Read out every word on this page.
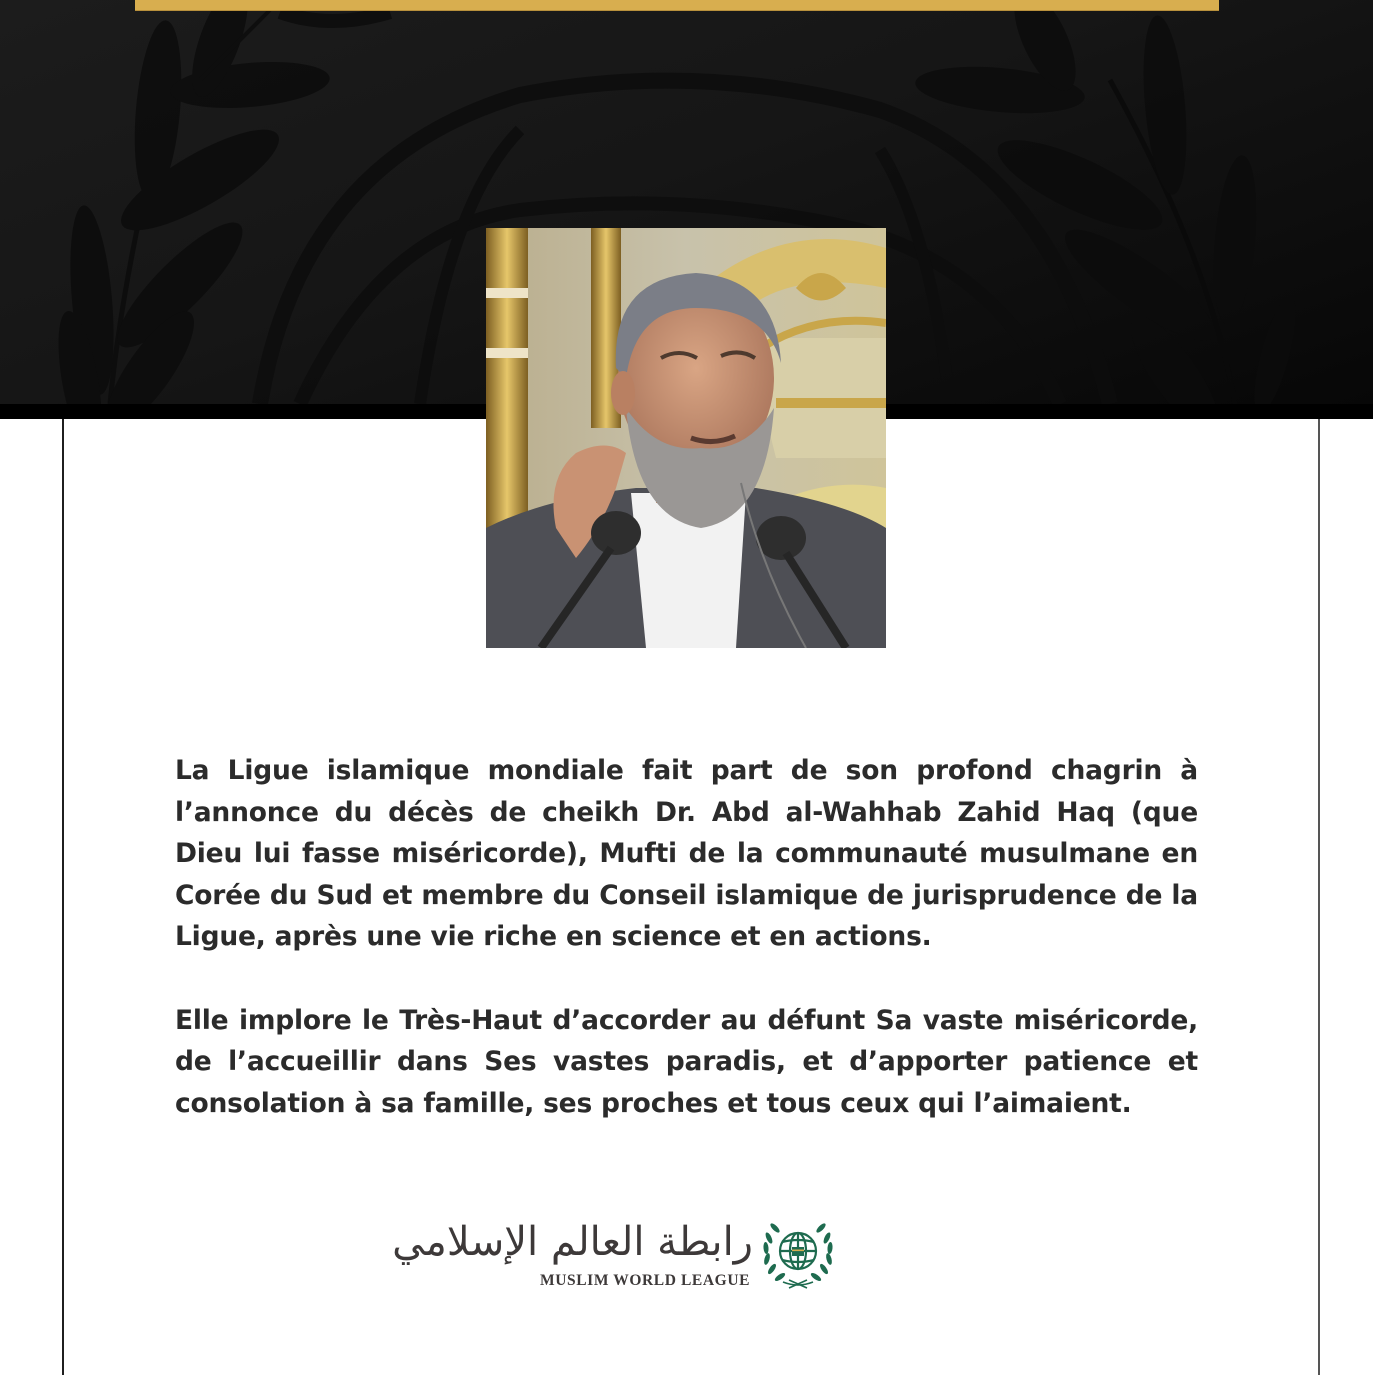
La Ligue islamique mondiale fait part de son profond chagrin à l’annonce du décès de cheikh Dr. Abd al-Wahhab Zahid Haq (que Dieu lui fasse miséricorde), Mufti de la communauté musulmane en Corée du Sud et membre du Conseil islamique de jurisprudence de la Ligue, après une vie riche en science et en actions.

Elle implore le Très-Haut d’accorder au défunt Sa vaste miséricorde, de l’accueillir dans Ses vastes paradis, et d’apporter patience et consolation à sa famille, ses proches et tous ceux qui l’aimaient.

رابطة العالم الإسلامي
MUSLIM WORLD LEAGUE
